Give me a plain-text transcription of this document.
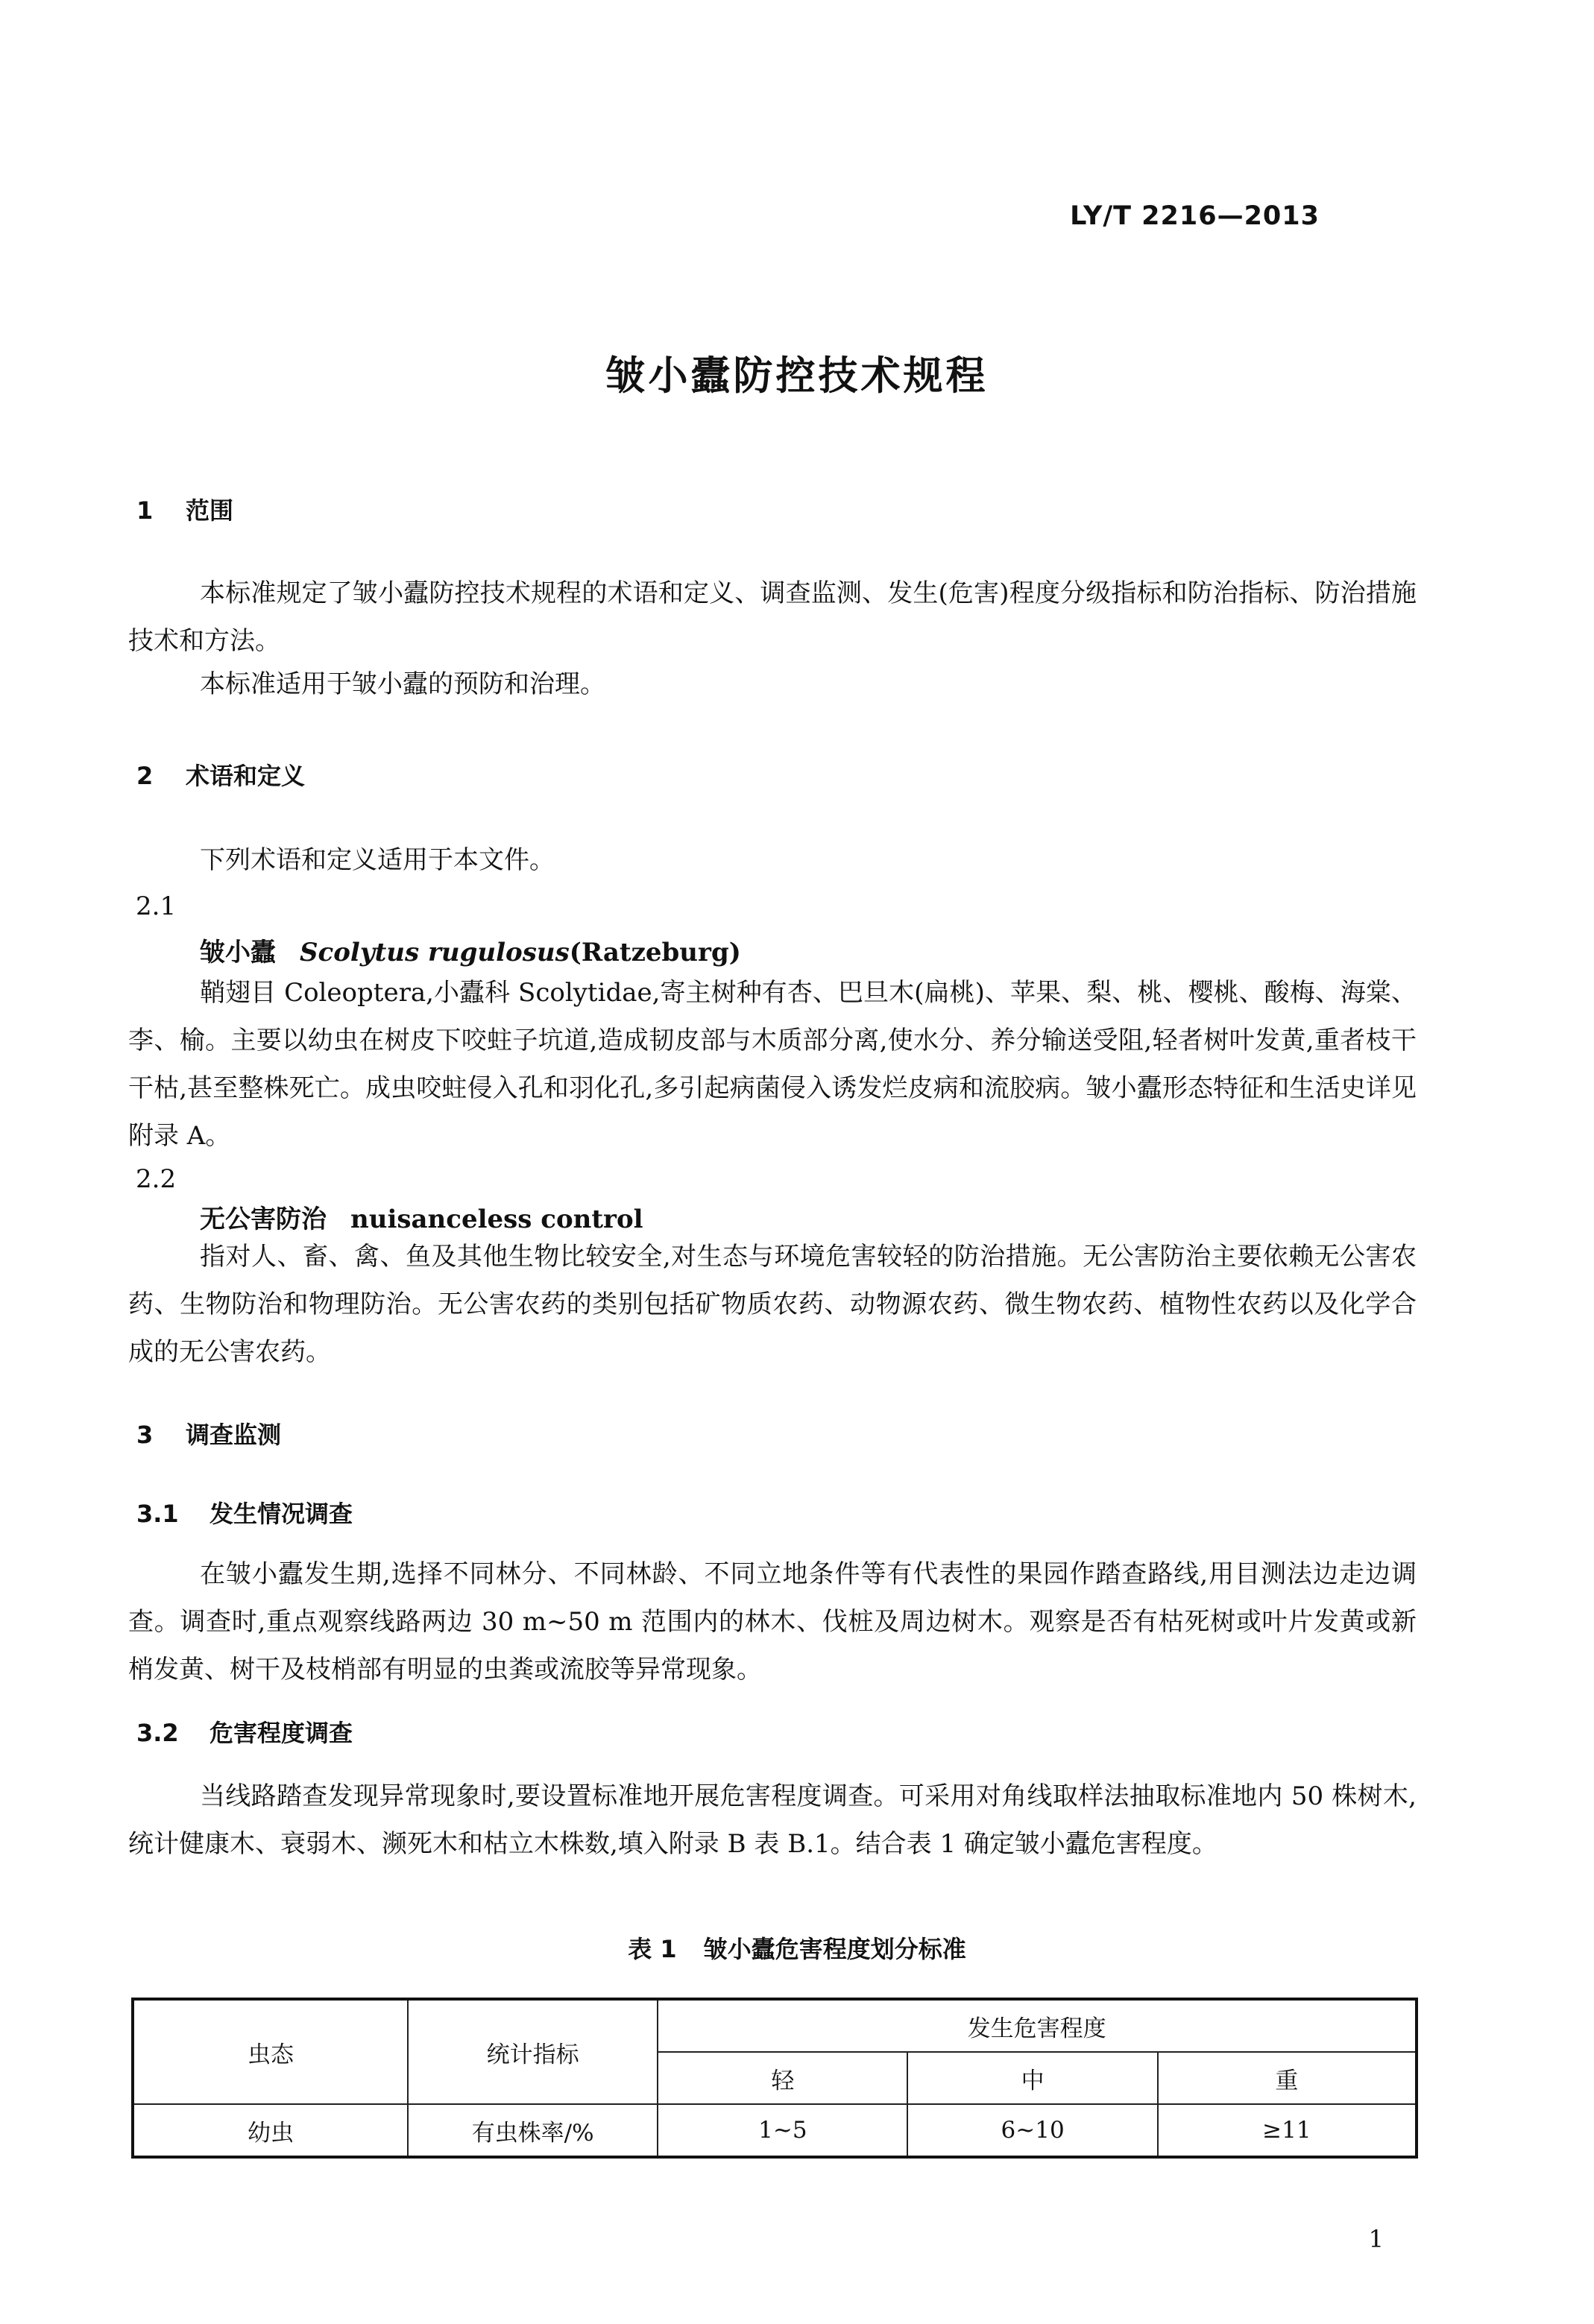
LY/T 2216—2013
皱小蠹防控技术规程
1 范围
本标准规定了皱小蠹防控技术规程的术语和定义、调查监测、发生(危害)程度分级指标和防治指标、防治措施技术和方法。
本标准适用于皱小蠹的预防和治理。
2 术语和定义
下列术语和定义适用于本文件。
2.1
皱小蠹 Scolytus rugulosus(Ratzeburg)
鞘翅目 Coleoptera,小蠹科 Scolytidae,寄主树种有杏、巴旦木(扁桃)、苹果、梨、桃、樱桃、酸梅、海棠、李、榆。主要以幼虫在树皮下咬蛀子坑道,造成韧皮部与木质部分离,使水分、养分输送受阻,轻者树叶发黄,重者枝干干枯,甚至整株死亡。成虫咬蛀侵入孔和羽化孔,多引起病菌侵入诱发烂皮病和流胶病。皱小蠹形态特征和生活史详见附录 A。
2.2
无公害防治 nuisanceless control
指对人、畜、禽、鱼及其他生物比较安全,对生态与环境危害较轻的防治措施。无公害防治主要依赖无公害农药、生物防治和物理防治。无公害农药的类别包括矿物质农药、动物源农药、微生物农药、植物性农药以及化学合成的无公害农药。
3 调查监测
3.1 发生情况调查
在皱小蠹发生期,选择不同林分、不同林龄、不同立地条件等有代表性的果园作踏查路线,用目测法边走边调查。调查时,重点观察线路两边 30 m~50 m 范围内的林木、伐桩及周边树木。观察是否有枯死树或叶片发黄或新梢发黄、树干及枝梢部有明显的虫粪或流胶等异常现象。
3.2 危害程度调查
当线路踏查发现异常现象时,要设置标准地开展危害程度调查。可采用对角线取样法抽取标准地内 50 株树木,统计健康木、衰弱木、濒死木和枯立木株数,填入附录 B 表 B.1。结合表 1 确定皱小蠹危害程度。
表 1 皱小蠹危害程度划分标准
虫态	统计指标	发生危害程度		
		轻	中	重
幼虫	有虫株率/%	1~5	6~10	≥11
1
